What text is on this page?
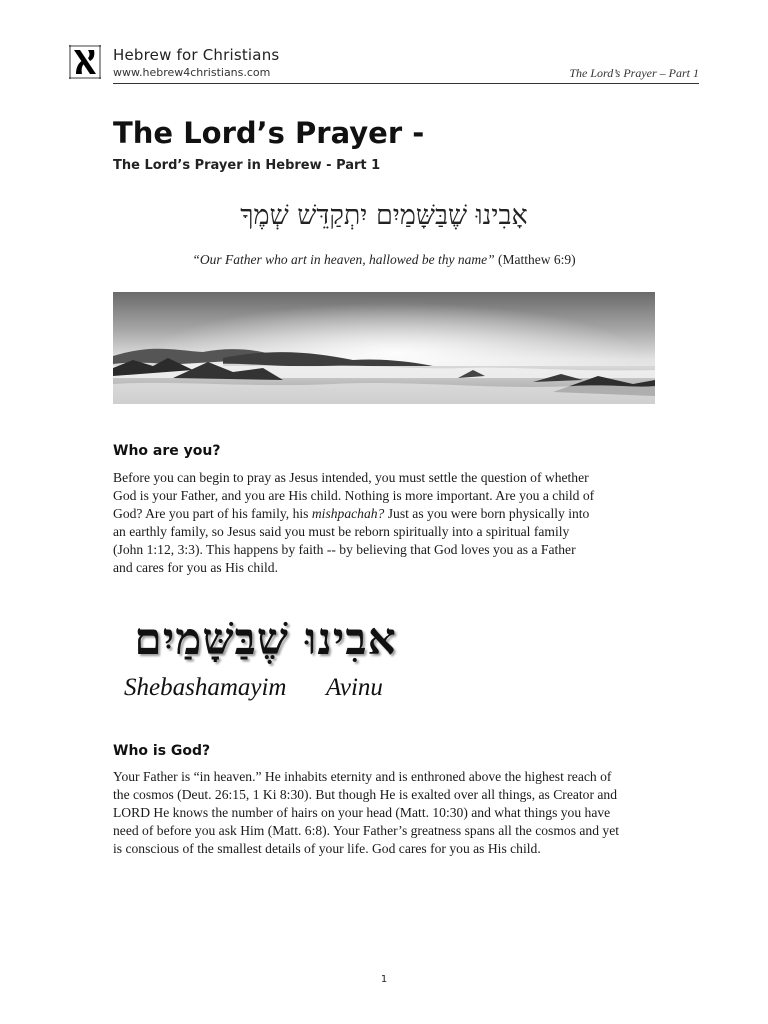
Hebrew for Christians
www.hebrew4christians.com	The Lord’s Prayer – Part 1
The Lord’s Prayer -
The Lord’s Prayer in Hebrew - Part 1
אָבִינוּ שֶׁבַּשָּׁמַיִם יִתְקַדֵּשׁ שְׁמֶךָ
“Our Father who art in heaven, hallowed be thy name” (Matthew 6:9)
Who are you?

Before you can begin to pray as Jesus intended, you must settle the question of whether
God is your Father, and you are His child. Nothing is more important. Are you a child of
God? Are you part of his family, his mishpachah? Just as you were born physically into
an earthly family, so Jesus said you must be reborn spiritually into a spiritual family
(John 1:12, 3:3). This happens by faith -- by believing that God loves you as a Father
and cares for you as His child.

אבִינוּ שֶׁבַּשָּׁמַיִם
Shebashamayim Avinu
Who is God?

Your Father is “in heaven.” He inhabits eternity and is enthroned above the highest reach of
the cosmos (Deut. 26:15, 1 Ki 8:30). But though He is exalted over all things, as Creator and
LORD He knows the number of hairs on your head (Matt. 10:30) and what things you have
need of before you ask Him (Matt. 6:8). Your Father’s greatness spans all the cosmos and yet
is conscious of the smallest details of your life. God cares for you as His child.

1
